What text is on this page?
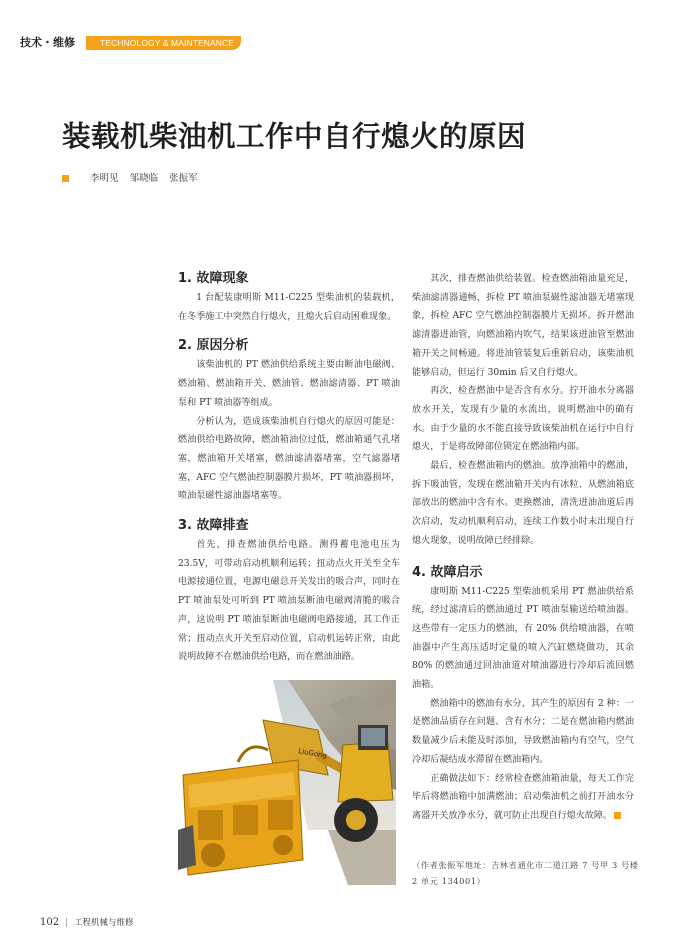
技术・维修	TECHNOLOGY & MAINTENANCE
装载机柴油机工作中自行熄火的原因
李明见 邹晓临 张振军
1. 故障现象

1 台配装康明斯 M11-C225 型柴油机的装载机，在冬季施工中突然自行熄火，且熄火后启动困难现象。

2. 原因分析

该柴油机的 PT 燃油供给系统主要由断油电磁阀、燃油箱、燃油箱开关、燃油管、燃油滤清器、PT 喷油泵和 PT 喷油器等组成。

分析认为，造成该柴油机自行熄火的原因可能是：燃油供给电路故障，燃油箱油位过低，燃油箱通气孔堵塞，燃油箱开关堵塞，燃油滤清器堵塞，空气滤器堵塞，AFC 空气燃油控制器膜片损坏，PT 喷油器损坏，喷油泵磁性滤油器堵塞等。

3. 故障排查

首先，排查燃油供给电路。测得蓄电池电压为 23.5V，可带动启动机顺利运转；扭动点火开关至全车电源接通位置，电源电磁总开关发出的吸合声，同时在 PT 喷油泵处可听到 PT 喷油泵断油电磁阀清脆的吸合声，这说明 PT 喷油泵断油电磁阀电路接通，其工作正常；扭动点火开关至启动位置，启动机运转正常，由此说明故障不在燃油供给电路，而在燃油油路。

LiuGong

其次，排查燃油供给装置。检查燃油箱油量充足，柴油滤清器通畅，拆检 PT 喷油泵磁性滤油器无堵塞现象，拆检 AFC 空气燃油控制器膜片无损坏。拆开燃油滤清器进油管，向燃油箱内吹气，结果该进油管至燃油箱开关之间畅通。将进油管装复后重新启动，该柴油机能够启动，但运行 30min 后又自行熄火。

再次，检查燃油中是否含有水分。拧开油水分离器放水开关，发现有少量的水流出，说明燃油中的确有水。由于少量的水不能直接导致该柴油机在运行中自行熄火，于是将故障部位锁定在燃油箱内部。

最后，检查燃油箱内的燃油。放净油箱中的燃油，拆下吸油管，发现在燃油箱开关内有冰粒、从燃油箱底部放出的燃油中含有水。更换燃油，清洗进油油道后再次启动，发动机顺利启动，连续工作数小时未出现自行熄火现象，说明故障已经排除。

4. 故障启示

康明斯 M11-C225 型柴油机采用 PT 燃油供给系统，经过滤清后的燃油通过 PT 喷油泵输送给喷油器。这些带有一定压力的燃油，有 20% 供给喷油器，在喷油器中产生高压适时定量的喷入汽缸燃烧做功，其余 80% 的燃油通过回油油道对喷油器进行冷却后流回燃油箱。

燃油箱中的燃油有水分，其产生的原因有 2 种：一是燃油品质存在问题、含有水分；二是在燃油箱内燃油数量减少后未能及时添加，导致燃油箱内有空气，空气冷却后凝结成水滞留在燃油箱内。

正确做法如下：经常检查燃油箱油量，每天工作完毕后将燃油箱中加满燃油；启动柴油机之前打开油水分离器开关放净水分，就可防止出现自行熄火故障。

（作者张振军地址：吉林省通化市二道江路 7 号甲 3 号楼 2 单元 134001）
102 | 工程机械与维修
